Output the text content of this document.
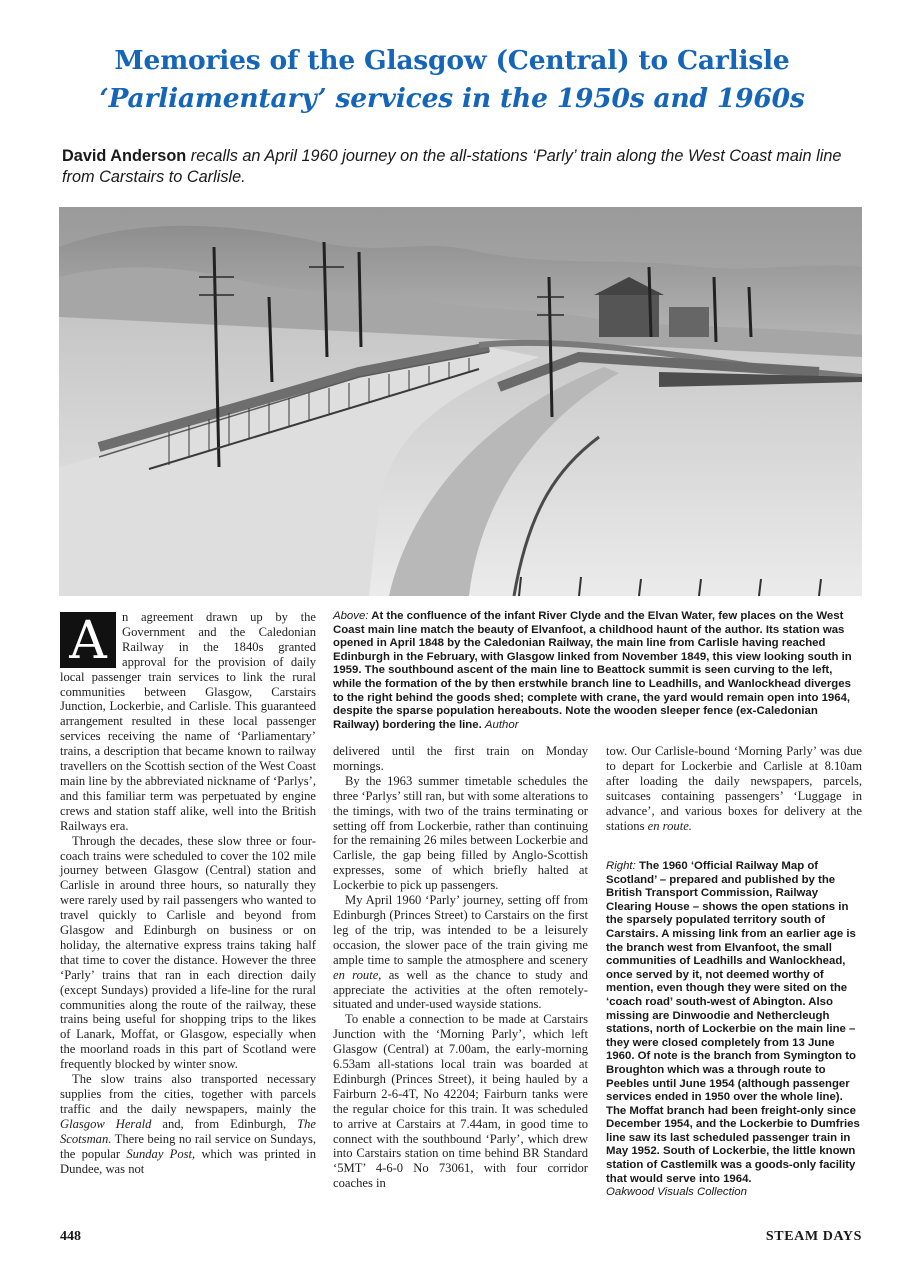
Memories of the Glasgow (Central) to Carlisle

‘Parliamentary’ services in the 1950s and 1960s

David Anderson recalls an April 1960 journey on the all-stations ‘Parly’ train along the West Coast main line from Carstairs to Carlisle.

A	n agreement drawn up by the Government and the Caledonian Railway in the 1840s granted approval for the provision of daily local passenger train services to link the rural communities between Glasgow, Carstairs Junction, Lockerbie, and Carlisle. This guaranteed arrangement resulted in these local passenger services receiving the name of ‘Parliamentary’ trains, a description that became known to railway travellers on the Scottish section of the West Coast main line by the abbreviated nickname of ‘Parlys’, and this familiar term was perpetuated by engine crews and station staff alike, well into the British Railways era.

Through the decades, these slow three or four-coach trains were scheduled to cover the 102 mile journey between Glasgow (Central) station and Carlisle in around three hours, so naturally they were rarely used by rail passengers who wanted to travel quickly to Carlisle and beyond from Glasgow and Edinburgh on business or on holiday, the alternative express trains taking half that time to cover the distance. However the three ‘Parly’ trains that ran in each direction daily (except Sundays) provided a life-line for the rural communities along the route of the railway, these trains being useful for shopping trips to the likes of Lanark, Moffat, or Glasgow, especially when the moorland roads in this part of Scotland were frequently blocked by winter snow.

The slow trains also transported necessary supplies from the cities, together with parcels traffic and the daily newspapers, mainly the Glasgow Herald and, from Edinburgh, The Scotsman. There being no rail service on Sundays, the popular Sunday Post, which was printed in Dundee, was not

Above: At the confluence of the infant River Clyde and the Elvan Water, few places on the West Coast main line match the beauty of Elvanfoot, a childhood haunt of the author. Its station was opened in April 1848 by the Caledonian Railway, the main line from Carlisle having reached Edinburgh in the February, with Glasgow linked from November 1849, this view looking south in 1959. The southbound ascent of the main line to Beattock summit is seen curving to the left, while the formation of the by then erstwhile branch line to Leadhills, and Wanlockhead diverges to the right behind the goods shed; complete with crane, the yard would remain open into 1964, despite the sparse population hereabouts. Note the wooden sleeper fence (ex-Caledonian Railway) bordering the line. Author

delivered until the first train on Monday mornings.

By the 1963 summer timetable schedules the three ‘Parlys’ still ran, but with some alterations to the timings, with two of the trains terminating or setting off from Lockerbie, rather than continuing for the remaining 26 miles between Lockerbie and Carlisle, the gap being filled by Anglo-Scottish expresses, some of which briefly halted at Lockerbie to pick up passengers.

My April 1960 ‘Parly’ journey, setting off from Edinburgh (Princes Street) to Carstairs on the first leg of the trip, was intended to be a leisurely occasion, the slower pace of the train giving me ample time to sample the atmosphere and scenery en route, as well as the chance to study and appreciate the activities at the often remotely-situated and under-used wayside stations.

To enable a connection to be made at Carstairs Junction with the ‘Morning Parly’, which left Glasgow (Central) at 7.00am, the early-morning 6.53am all-stations local train was boarded at Edinburgh (Princes Street), it being hauled by a Fairburn 2-6-4T, No 42204; Fairburn tanks were the regular choice for this train. It was scheduled to arrive at Carstairs at 7.44am, in good time to connect with the southbound ‘Parly’, which drew into Carstairs station on time behind BR Standard ‘5MT’ 4-6-0 No 73061, with four corridor coaches in

tow. Our Carlisle-bound ‘Morning Parly’ was due to depart for Lockerbie and Carlisle at 8.10am after loading the daily newspapers, parcels, suitcases containing passengers’ ‘Luggage in advance’, and various boxes for delivery at the stations en route.

Right: The 1960 ‘Official Railway Map of Scotland’ – prepared and published by the British Transport Commission, Railway Clearing House – shows the open stations in the sparsely populated territory south of Carstairs. A missing link from an earlier age is the branch west from Elvanfoot, the small communities of Leadhills and Wanlockhead, once served by it, not deemed worthy of mention, even though they were sited on the ‘coach road’ south-west of Abington. Also missing are Dinwoodie and Nethercleugh stations, north of Lockerbie on the main line – they were closed completely from 13 June 1960. Of note is the branch from Symington to Broughton which was a through route to Peebles until June 1954 (although passenger services ended in 1950 over the whole line). The Moffat branch had been freight-only since December 1954, and the Lockerbie to Dumfries line saw its last scheduled passenger train in May 1952. South of Lockerbie, the little known station of Castlemilk was a goods-only facility that would serve into 1964.
Oakwood Visuals Collection
448	STEAM DAYS
